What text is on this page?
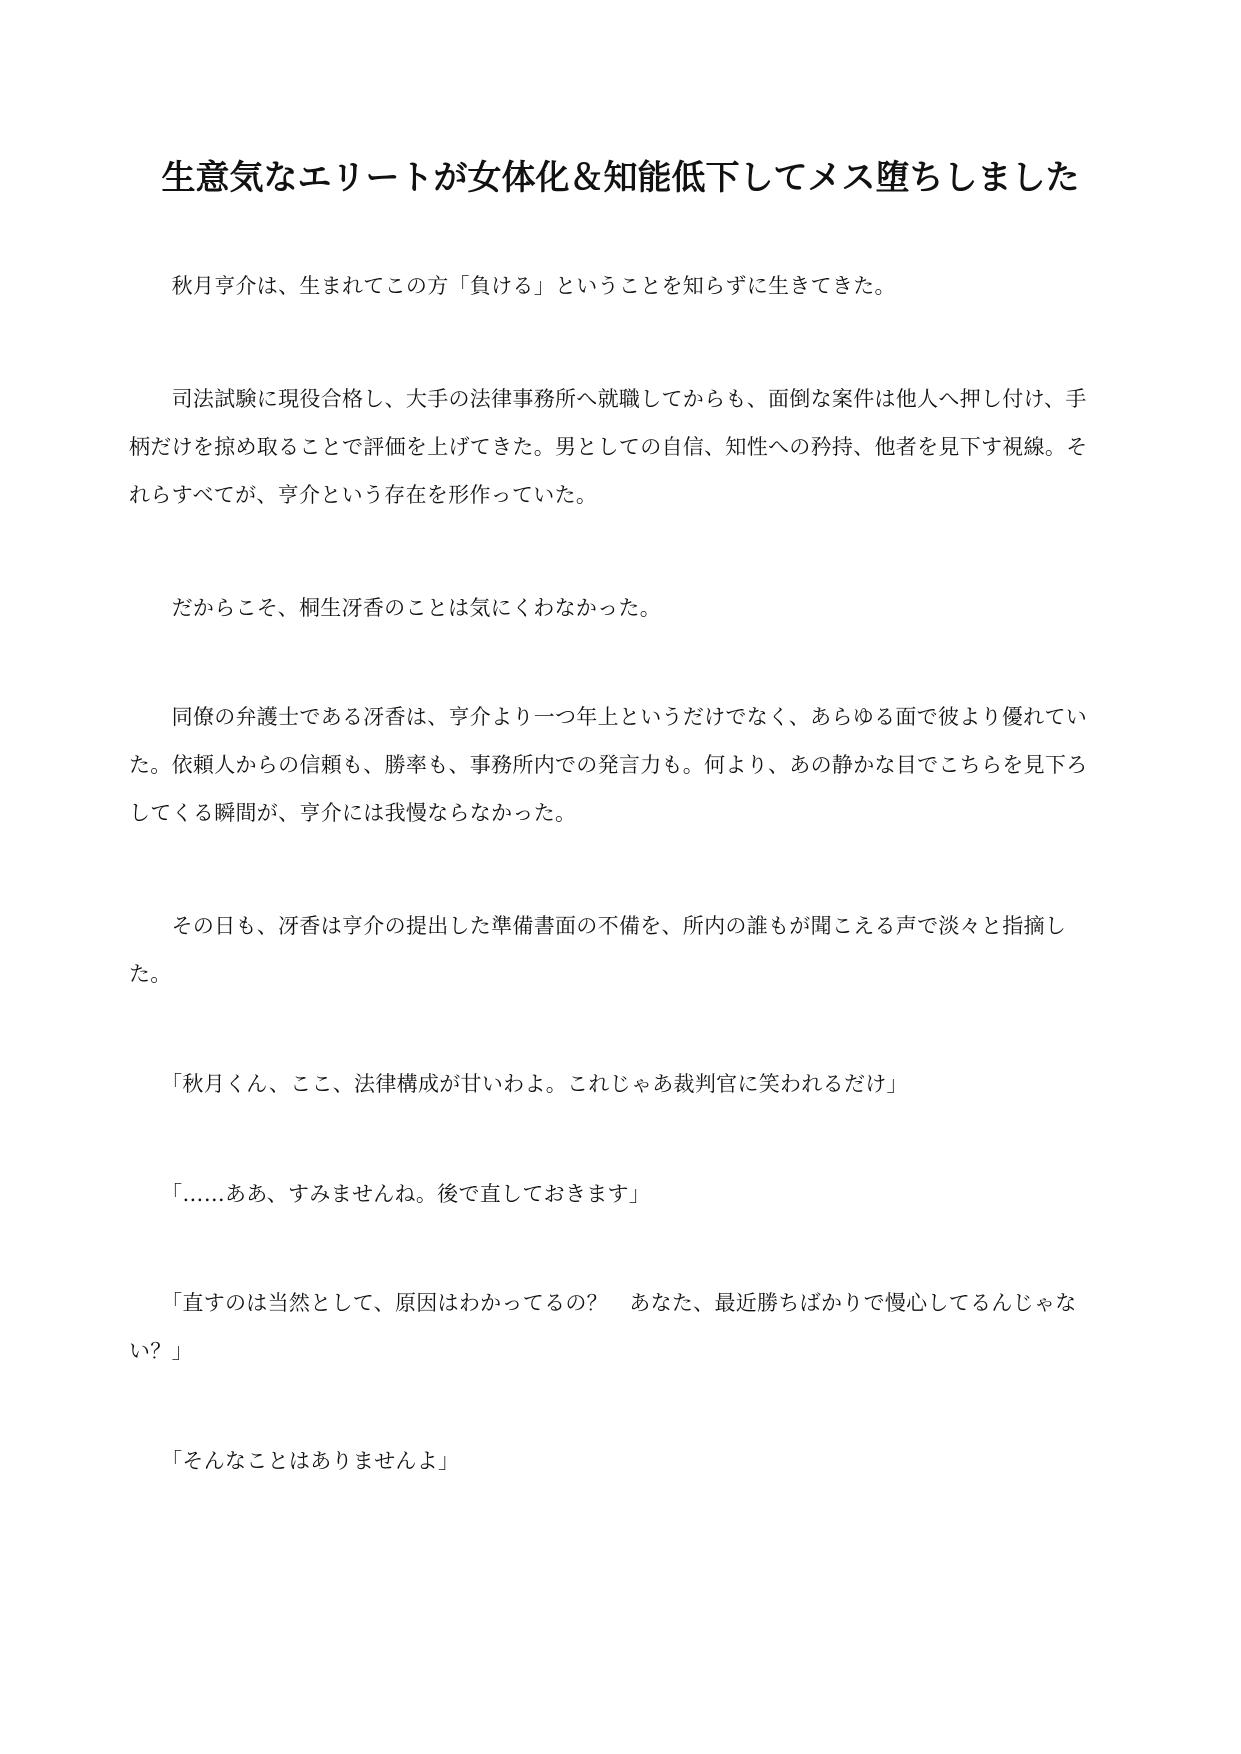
生意気なエリートが女体化＆知能低下してメス堕ちしました

　　秋月亨介は、生まれてこの方「負ける」ということを知らずに生きてきた。

　　司法試験に現役合格し、大手の法律事務所へ就職してからも、面倒な案件は他人へ押し付け、手柄だけを掠め取ることで評価を上げてきた。男としての自信、知性への矜持、他者を見下す視線。それらすべてが、亨介という存在を形作っていた。

　　だからこそ、桐生冴香のことは気にくわなかった。

　　同僚の弁護士である冴香は、亨介より一つ年上というだけでなく、あらゆる面で彼より優れていた。依頼人からの信頼も、勝率も、事務所内での発言力も。何より、あの静かな目でこちらを見下ろしてくる瞬間が、亨介には我慢ならなかった。

　　その日も、冴香は亨介の提出した準備書面の不備を、所内の誰もが聞こえる声で淡々と指摘した。

　　「秋月くん、ここ、法律構成が甘いわよ。これじゃあ裁判官に笑われるだけ」

　　「……ああ、すみませんね。後で直しておきます」

　　「直すのは当然として、原因はわかってるの？　あなた、最近勝ちばかりで慢心してるんじゃない？」

　　「そんなことはありませんよ」
